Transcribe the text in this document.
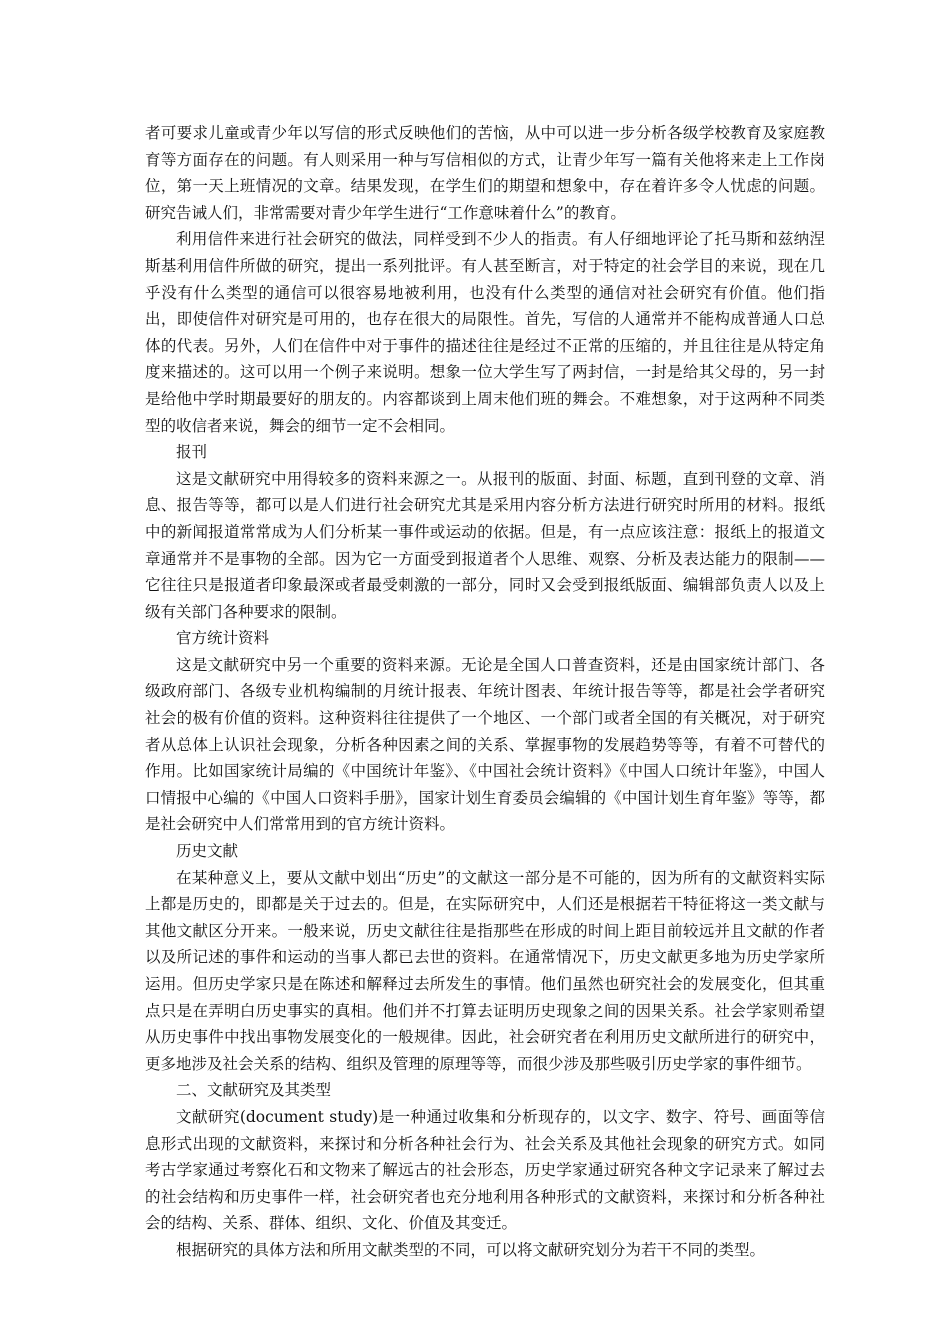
者可要求儿童或青少年以写信的形式反映他们的苦恼，从中可以进一步分析各级学校教育及家庭教育等方面存在的问题。有人则采用一种与写信相似的方式，让青少年写一篇有关他将来走上工作岗位，第一天上班情况的文章。结果发现，在学生们的期望和想象中，存在着许多令人忧虑的问题。研究告诫人们，非常需要对青少年学生进行“工作意味着什么”的教育。

利用信件来进行社会研究的做法，同样受到不少人的指责。有人仔细地评论了托马斯和兹纳涅斯基利用信件所做的研究，提出一系列批评。有人甚至断言，对于特定的社会学目的来说，现在几乎没有什么类型的通信可以很容易地被利用，也没有什么类型的通信对社会研究有价值。他们指出，即使信件对研究是可用的，也存在很大的局限性。首先，写信的人通常并不能构成普通人口总体的代表。另外，人们在信件中对于事件的描述往往是经过不正常的压缩的，并且往往是从特定角度来描述的。这可以用一个例子来说明。想象一位大学生写了两封信，一封是给其父母的，另一封是给他中学时期最要好的朋友的。内容都谈到上周末他们班的舞会。不难想象，对于这两种不同类型的收信者来说，舞会的细节一定不会相同。

报刊

这是文献研究中用得较多的资料来源之一。从报刊的版面、封面、标题，直到刊登的文章、消息、报告等等，都可以是人们进行社会研究尤其是采用内容分析方法进行研究时所用的材料。报纸中的新闻报道常常成为人们分析某一事件或运动的依据。但是，有一点应该注意：报纸上的报道文章通常并不是事物的全部。因为它一方面受到报道者个人思维、观察、分析及表达能力的限制——它往往只是报道者印象最深或者最受刺激的一部分，同时又会受到报纸版面、编辑部负责人以及上级有关部门各种要求的限制。

官方统计资料

这是文献研究中另一个重要的资料来源。无论是全国人口普查资料，还是由国家统计部门、各级政府部门、各级专业机构编制的月统计报表、年统计图表、年统计报告等等，都是社会学者研究社会的极有价值的资料。这种资料往往提供了一个地区、一个部门或者全国的有关概况，对于研究者从总体上认识社会现象，分析各种因素之间的关系、掌握事物的发展趋势等等，有着不可替代的作用。比如国家统计局编的《中国统计年鉴》、《中国社会统计资料》《中国人口统计年鉴》，中国人口情报中心编的《中国人口资料手册》，国家计划生育委员会编辑的《中国计划生育年鉴》等等，都是社会研究中人们常常用到的官方统计资料。

历史文献

在某种意义上，要从文献中划出“历史”的文献这一部分是不可能的，因为所有的文献资料实际上都是历史的，即都是关于过去的。但是，在实际研究中，人们还是根据若干特征将这一类文献与其他文献区分开来。一般来说，历史文献往往是指那些在形成的时间上距目前较远并且文献的作者以及所记述的事件和运动的当事人都已去世的资料。在通常情况下，历史文献更多地为历史学家所运用。但历史学家只是在陈述和解释过去所发生的事情。他们虽然也研究社会的发展变化，但其重点只是在弄明白历史事实的真相。他们并不打算去证明历史现象之间的因果关系。社会学家则希望从历史事件中找出事物发展变化的一般规律。因此，社会研究者在利用历史文献所进行的研究中，更多地涉及社会关系的结构、组织及管理的原理等等，而很少涉及那些吸引历史学家的事件细节。

二、文献研究及其类型

文献研究(document study)是一种通过收集和分析现存的，以文字、数字、符号、画面等信息形式出现的文献资料，来探讨和分析各种社会行为、社会关系及其他社会现象的研究方式。如同考古学家通过考察化石和文物来了解远古的社会形态，历史学家通过研究各种文字记录来了解过去的社会结构和历史事件一样，社会研究者也充分地利用各种形式的文献资料，来探讨和分析各种社会的结构、关系、群体、组织、文化、价值及其变迁。

根据研究的具体方法和所用文献类型的不同，可以将文献研究划分为若干不同的类型。
